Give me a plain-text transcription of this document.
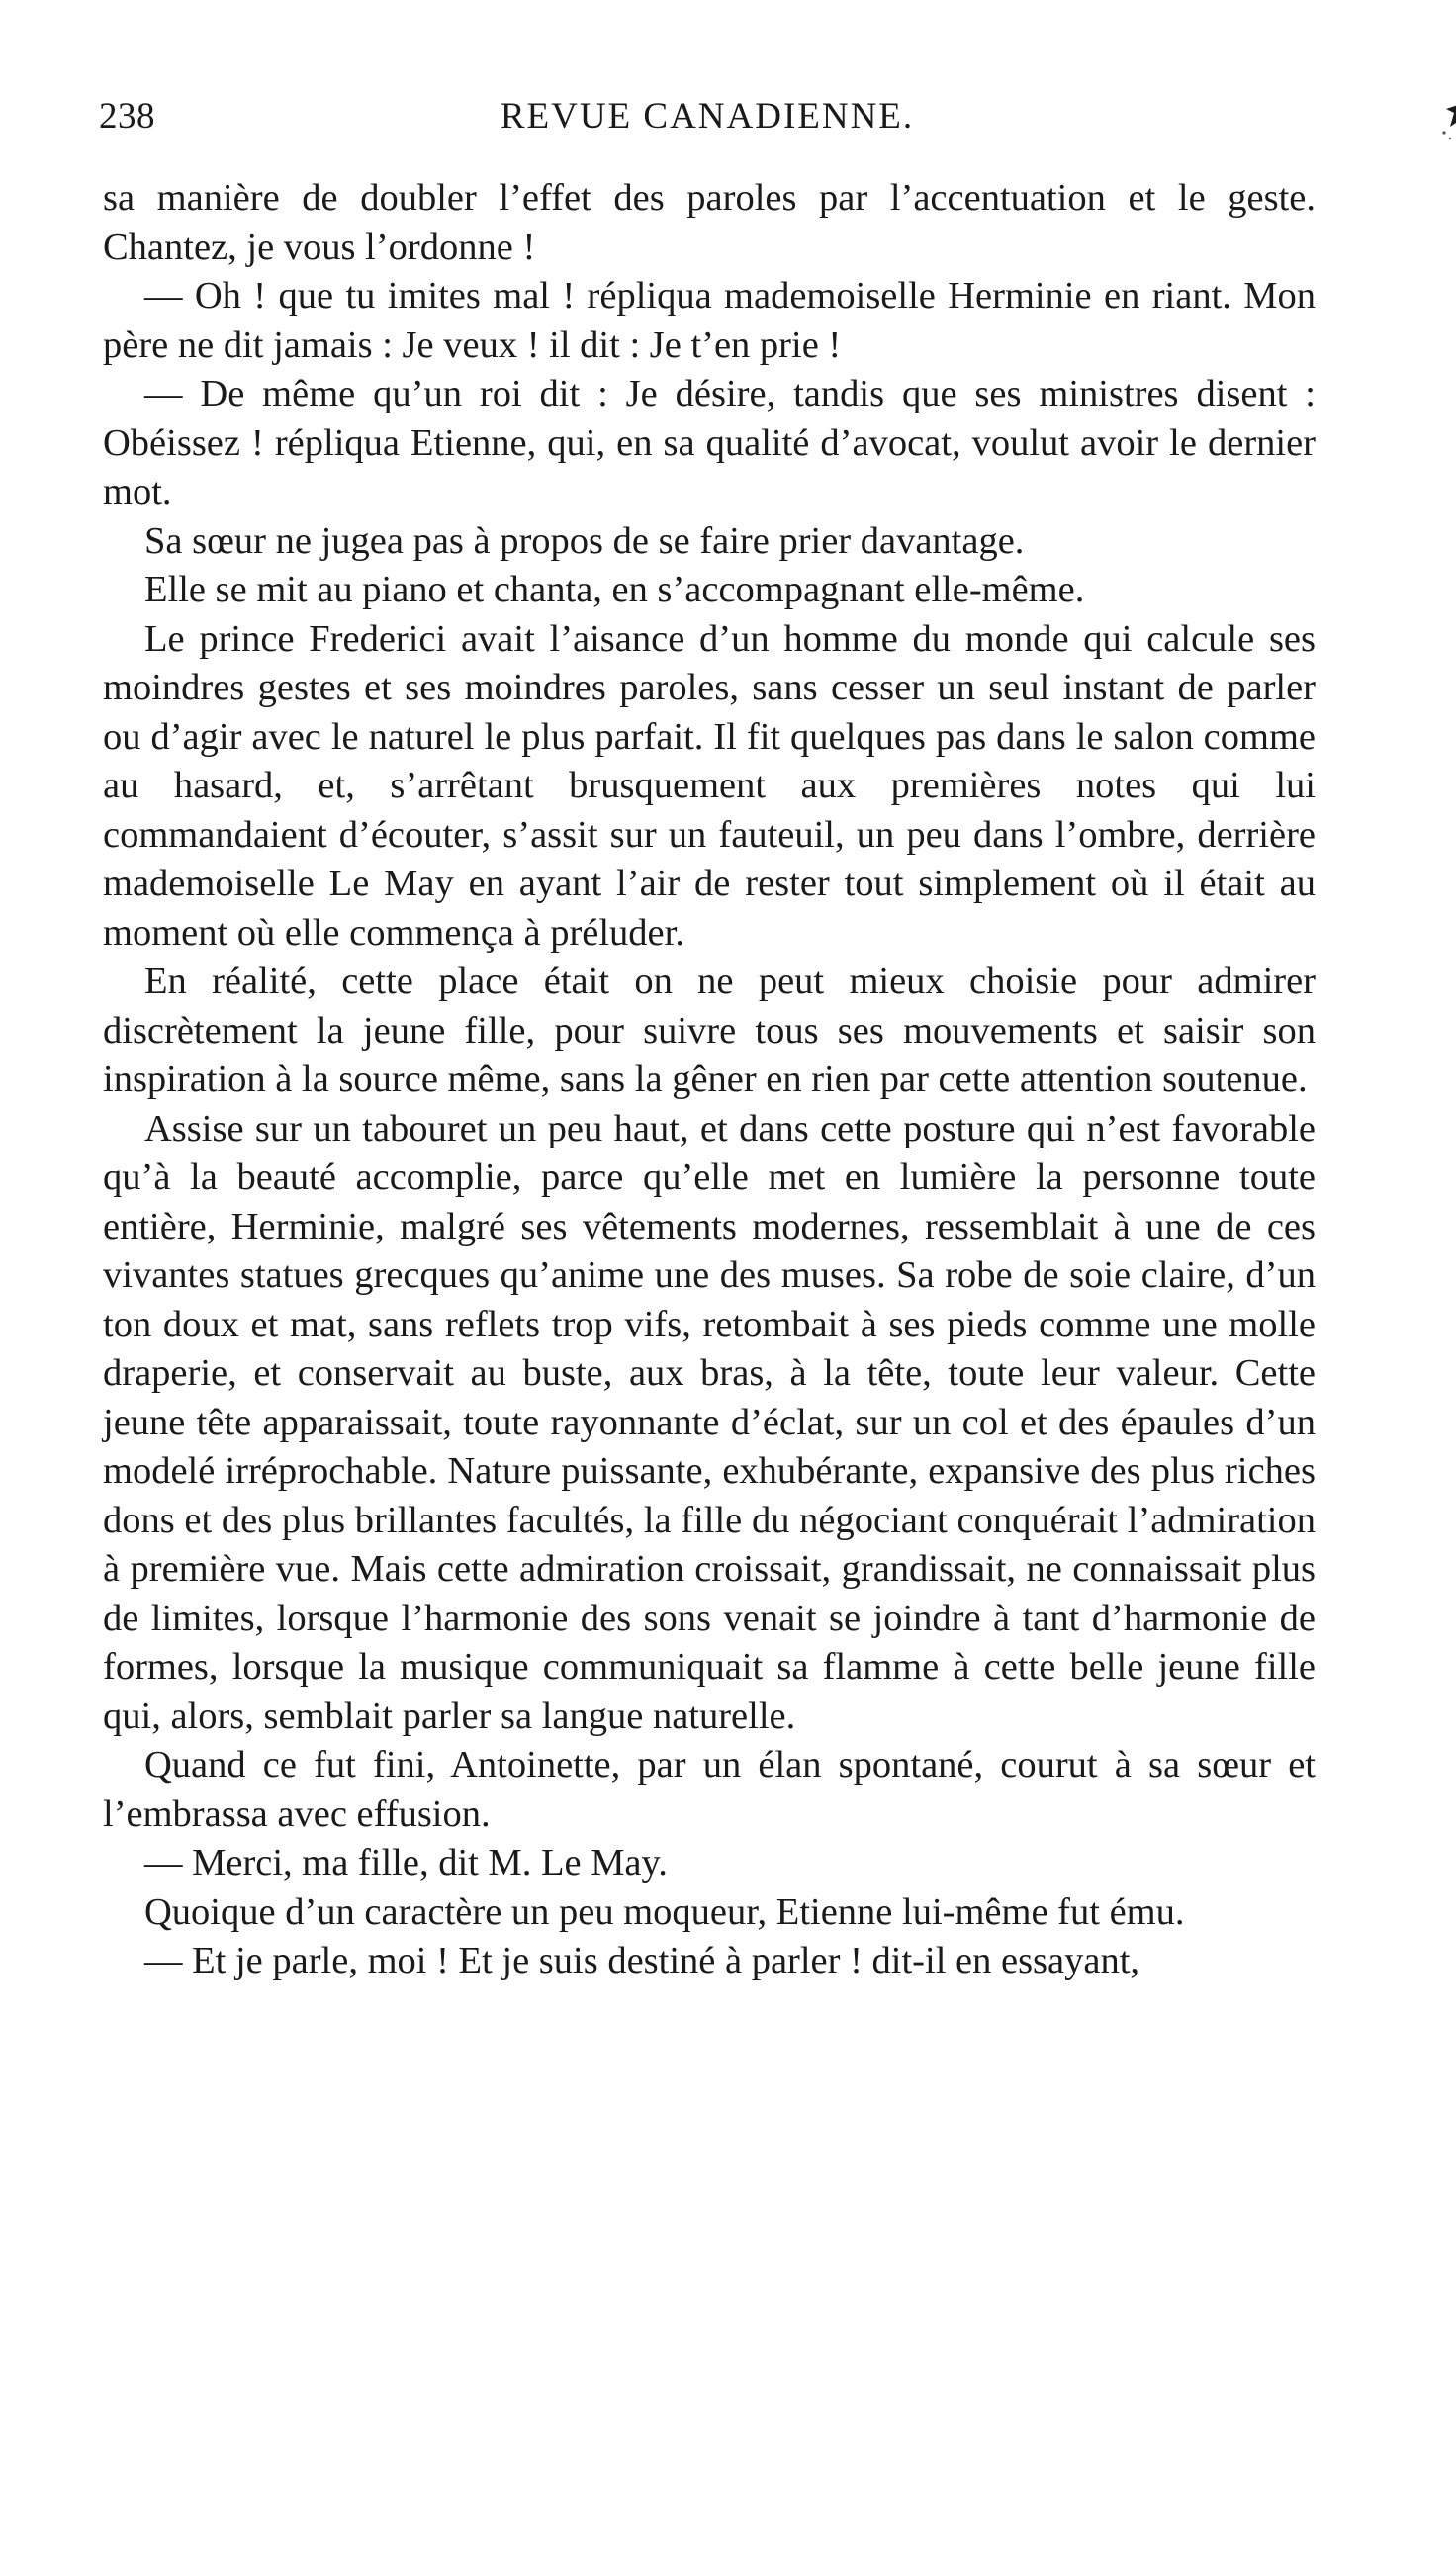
238	REVUE CANADIENNE.

sa manière de doubler l’effet des paroles par l’accentuation et le geste. Chantez, je vous l’ordonne !

— Oh ! que tu imites mal ! répliqua mademoiselle Herminie en riant. Mon père ne dit jamais : Je veux ! il dit : Je t’en prie !

— De même qu’un roi dit : Je désire, tandis que ses ministres disent : Obéissez ! répliqua Etienne, qui, en sa qualité d’avocat, voulut avoir le dernier mot.

Sa sœur ne jugea pas à propos de se faire prier davantage.

Elle se mit au piano et chanta, en s’accompagnant elle-même.

Le prince Frederici avait l’aisance d’un homme du monde qui calcule ses moindres gestes et ses moindres paroles, sans cesser un seul instant de parler ou d’agir avec le naturel le plus parfait. Il fit quelques pas dans le salon comme au hasard, et, s’arrêtant brusquement aux premières notes qui lui commandaient d’écouter, s’assit sur un fauteuil, un peu dans l’ombre, derrière mademoiselle Le May en ayant l’air de rester tout simplement où il était au moment où elle commença à préluder.

En réalité, cette place était on ne peut mieux choisie pour admirer discrètement la jeune fille, pour suivre tous ses mouvements et saisir son inspiration à la source même, sans la gêner en rien par cette attention soutenue.

Assise sur un tabouret un peu haut, et dans cette posture qui n’est favorable qu’à la beauté accomplie, parce qu’elle met en lumière la personne toute entière, Herminie, malgré ses vêtements modernes, ressemblait à une de ces vivantes statues grecques qu’anime une des muses. Sa robe de soie claire, d’un ton doux et mat, sans reflets trop vifs, retombait à ses pieds comme une molle draperie, et conservait au buste, aux bras, à la tête, toute leur valeur. Cette jeune tête apparaissait, toute rayonnante d’éclat, sur un col et des épaules d’un modelé irréprochable. Nature puissante, exhubérante, expansive des plus riches dons et des plus brillantes facultés, la fille du négociant conquérait l’admiration à première vue. Mais cette admiration croissait, grandissait, ne connaissait plus de limites, lorsque l’harmonie des sons venait se joindre à tant d’harmonie de formes, lorsque la musique communiquait sa flamme à cette belle jeune fille qui, alors, semblait parler sa langue naturelle.

Quand ce fut fini, Antoinette, par un élan spontané, courut à sa sœur et l’embrassa avec effusion.

— Merci, ma fille, dit M. Le May.

Quoique d’un caractère un peu moqueur, Etienne lui-même fut ému.

— Et je parle, moi ! Et je suis destiné à parler ! dit-il en essayant,
